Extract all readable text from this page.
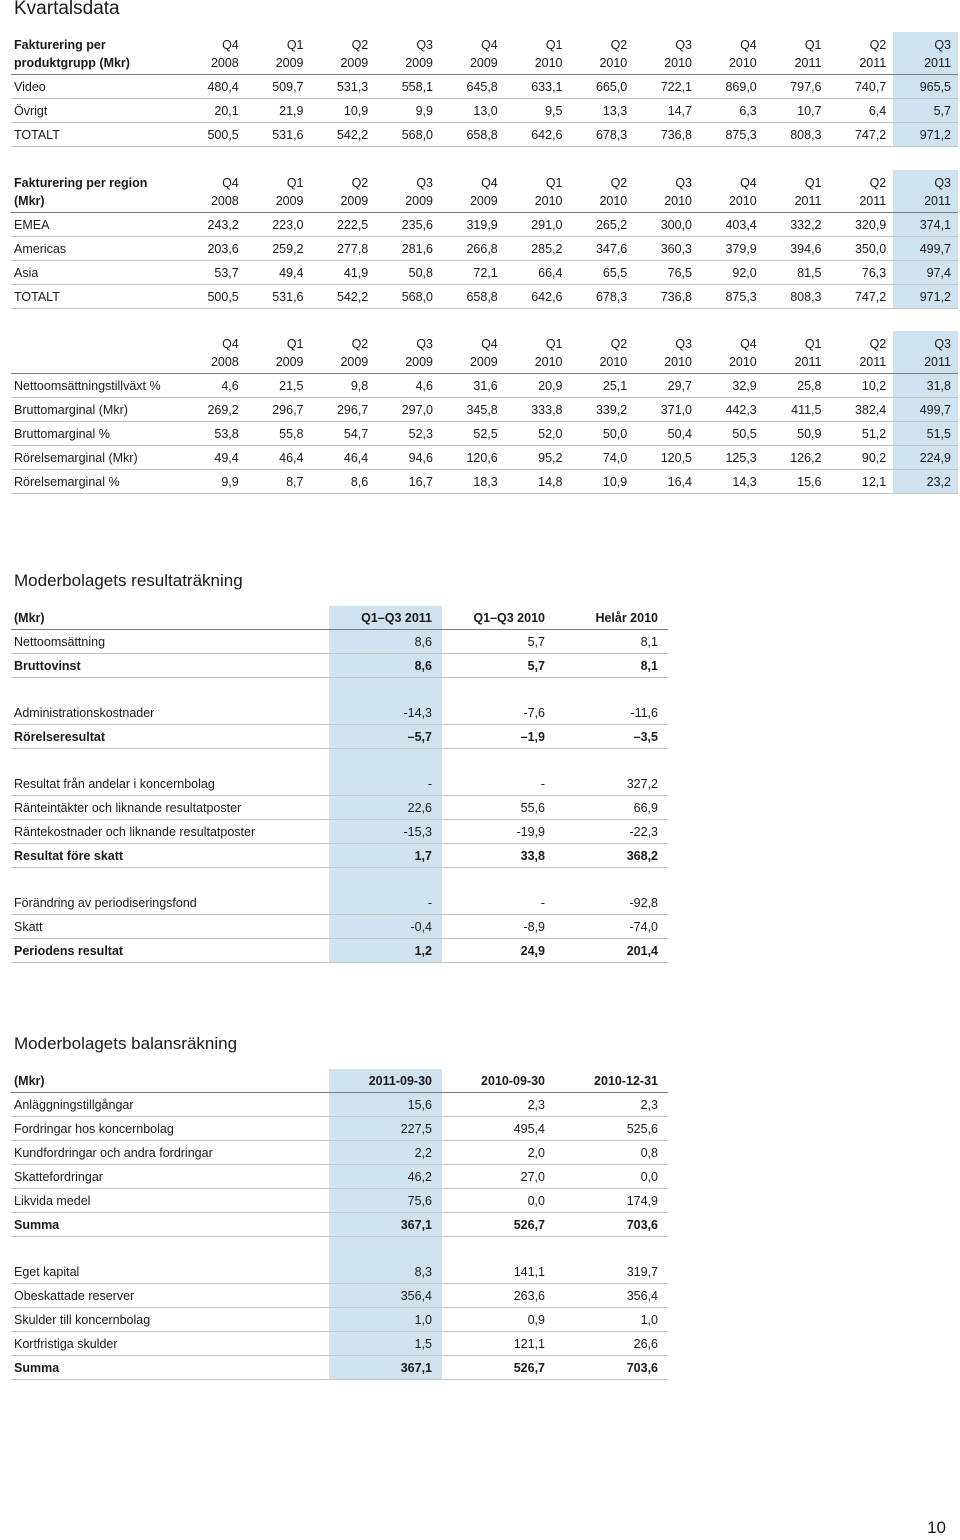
Kvartalsdata
Fakturering per	Q4	Q1	Q2	Q3	Q4	Q1	Q2	Q3	Q4	Q1	Q2	Q3
produktgrupp (Mkr)	2008	2009	2009	2009	2009	2010	2010	2010	2010	2011	2011	2011
Video	480,4	509,7	531,3	558,1	645,8	633,1	665,0	722,1	869,0	797,6	740,7	965,5
Övrigt	20,1	21,9	10,9	9,9	13,0	9,5	13,3	14,7	6,3	10,7	6,4	5,7
TOTALT	500,5	531,6	542,2	568,0	658,8	642,6	678,3	736,8	875,3	808,3	747,2	971,2
Fakturering per region	Q4	Q1	Q2	Q3	Q4	Q1	Q2	Q3	Q4	Q1	Q2	Q3
(Mkr)	2008	2009	2009	2009	2009	2010	2010	2010	2010	2011	2011	2011
EMEA	243,2	223,0	222,5	235,6	319,9	291,0	265,2	300,0	403,4	332,2	320,9	374,1
Americas	203,6	259,2	277,8	281,6	266,8	285,2	347,6	360,3	379,9	394,6	350,0	499,7
Asia	53,7	49,4	41,9	50,8	72,1	66,4	65,5	76,5	92,0	81,5	76,3	97,4
TOTALT	500,5	531,6	542,2	568,0	658,8	642,6	678,3	736,8	875,3	808,3	747,2	971,2
	Q4	Q1	Q2	Q3	Q4	Q1	Q2	Q3	Q4	Q1	Q2	Q3
	2008	2009	2009	2009	2009	2010	2010	2010	2010	2011	2011	2011
Nettoomsättningstillväxt %	4,6	21,5	9,8	4,6	31,6	20,9	25,1	29,7	32,9	25,8	10,2	31,8
Bruttomarginal (Mkr)	269,2	296,7	296,7	297,0	345,8	333,8	339,2	371,0	442,3	411,5	382,4	499,7
Bruttomarginal %	53,8	55,8	54,7	52,3	52,5	52,0	50,0	50,4	50,5	50,9	51,2	51,5
Rörelsemarginal (Mkr)	49,4	46,4	46,4	94,6	120,6	95,2	74,0	120,5	125,3	126,2	90,2	224,9
Rörelsemarginal %	9,9	8,7	8,6	16,7	18,3	14,8	10,9	16,4	14,3	15,6	12,1	23,2
Moderbolagets resultaträkning
(Mkr)	Q1–Q3 2011	Q1–Q3 2010	Helår 2010
Nettoomsättning	8,6	5,7	8,1
Bruttovinst	8,6	5,7	8,1

Administrationskostnader	-14,3	-7,6	-11,6
Rörelseresultat	–5,7	–1,9	–3,5

Resultat från andelar i koncernbolag	-	-	327,2
Ränteintäkter och liknande resultatposter	22,6	55,6	66,9
Räntekostnader och liknande resultatposter	-15,3	-19,9	-22,3
Resultat före skatt	1,7	33,8	368,2

Förändring av periodiseringsfond	-	-	-92,8
Skatt	-0,4	-8,9	-74,0
Periodens resultat	1,2	24,9	201,4
Moderbolagets balansräkning
(Mkr)	2011-09-30	2010-09-30	2010-12-31
Anläggningstillgångar	15,6	2,3	2,3
Fordringar hos koncernbolag	227,5	495,4	525,6
Kundfordringar och andra fordringar	2,2	2,0	0,8
Skattefordringar	46,2	27,0	0,0
Likvida medel	75,6	0,0	174,9
Summa	367,1	526,7	703,6

Eget kapital	8,3	141,1	319,7
Obeskattade reserver	356,4	263,6	356,4
Skulder till koncernbolag	1,0	0,9	1,0
Kortfristiga skulder	1,5	121,1	26,6
Summa	367,1	526,7	703,6
10
